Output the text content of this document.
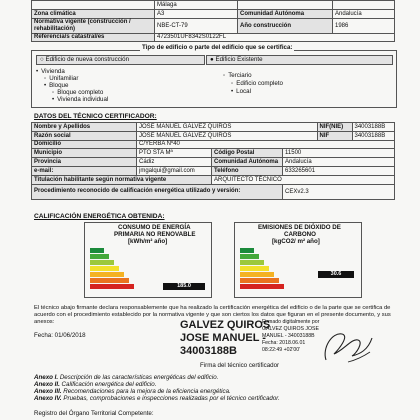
	Málaga		
Zona climática	A3	Comunidad Autónoma	Andalucía
Normativa vigente (construcción / rehabilitación)	NBE-CT-79	Año construcción	1986
Referencia/s catastral/es	4723501UF8342S0122FL		
Tipo de edificio o parte del edificio que se certifica:
○ Edificio de nueva construcción	● Edificio Existente
• Vivienda
◦ Unifamiliar
• Bloque
◦ Bloque completo
• Vivienda individual
◦ Terciario
◦ Edificio completo
• Local
DATOS DEL TÉCNICO CERTIFICADOR:
Nombre y Apellidos	JOSE MANUEL GALVEZ QUIROS			NIF(NIE)	34003188B
Razón social	JOSE MANUEL GALVEZ QUIROS			NIF	34003188B
Domicilio	C/YERBA Nº40				
Municipio	PTO STA Mª	Código Postal	11500		
Provincia	Cádiz	Comunidad Autónoma	Andalucía		
e-mail:	jmgalqui@gmail.com	Teléfono	633265601		
Titulación habilitante según normativa vigente		ARQUITECTO TÉCNICO			
Procedimiento reconocido de calificación energética utilizado y versión:			CEXv2.3		
CALIFICACIÓN ENERGÉTICA OBTENIDA:
CONSUMO DE ENERGÍA
PRIMARIA NO RENOVABLE
[kWh/m² año]
EMISIONES DE DIÓXIDO DE
CARBONO
[kgCO2/ m² año]
185.0
30.6
El técnico abajo firmante declara responsablemente que ha realizado la certificación energética del edificio o de la parte que se certifica de acuerdo con el procedimiento establecido por la normativa vigente y que son ciertos los datos que figuran en el presente documento, y sus anexos:
Fecha: 01/06/2018
GALVEZ QUIROS
JOSE MANUEL -
34003188B
Firmado digitalmente por
GALVEZ QUIROS JOSE
MANUEL - 34003188B
Fecha: 2018.06.01
08:22:49 +02'00'
Firma del técnico certificador
Anexo I. Descripción de las características energéticas del edificio.
Anexo II. Calificación energética del edificio.
Anexo III. Recomendaciones para la mejora de la eficiencia energética.
Anexo IV. Pruebas, comprobaciones e inspecciones realizadas por el técnico certificador.
Registro del Órgano Territorial Competente:
